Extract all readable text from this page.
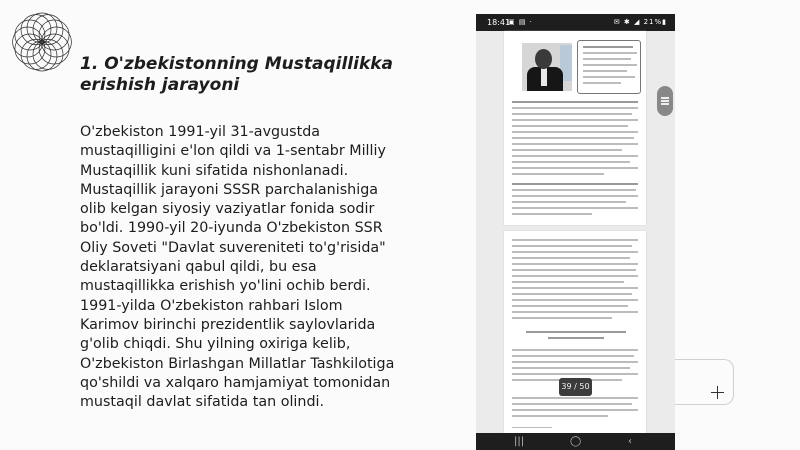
1. O'zbekistonning Mustaqillikka
erishish jarayoni
O'zbekiston 1991-yil 31-avgustda
mustaqilligini e'lon qildi va 1-sentabr Milliy
Mustaqillik kuni sifatida nishonlanadi.
Mustaqillik jarayoni SSSR parchalanishiga
olib kelgan siyosiy vaziyatlar fonida sodir
bo'ldi. 1990-yil 20-iyunda O'zbekiston SSR
Oliy Soveti "Davlat suvereniteti to'g'risida"
deklaratsiyani qabul qildi, bu esa
mustaqillikka erishish yo'lini ochib berdi.
1991-yilda O'zbekiston rahbari Islom
Karimov birinchi prezidentlik saylovlarida
g'olib chiqdi. Shu yilning oxiriga kelib,
O'zbekiston Birlashgan Millatlar Tashkilotiga
qo'shildi va xalqaro hamjamiyat tomonidan
mustaqil davlat sifatida tan olindi.
18:41
▣ ▤ ·	✉ ✱ ◢ 21%▮
39 / 50
|||	◯	‹
